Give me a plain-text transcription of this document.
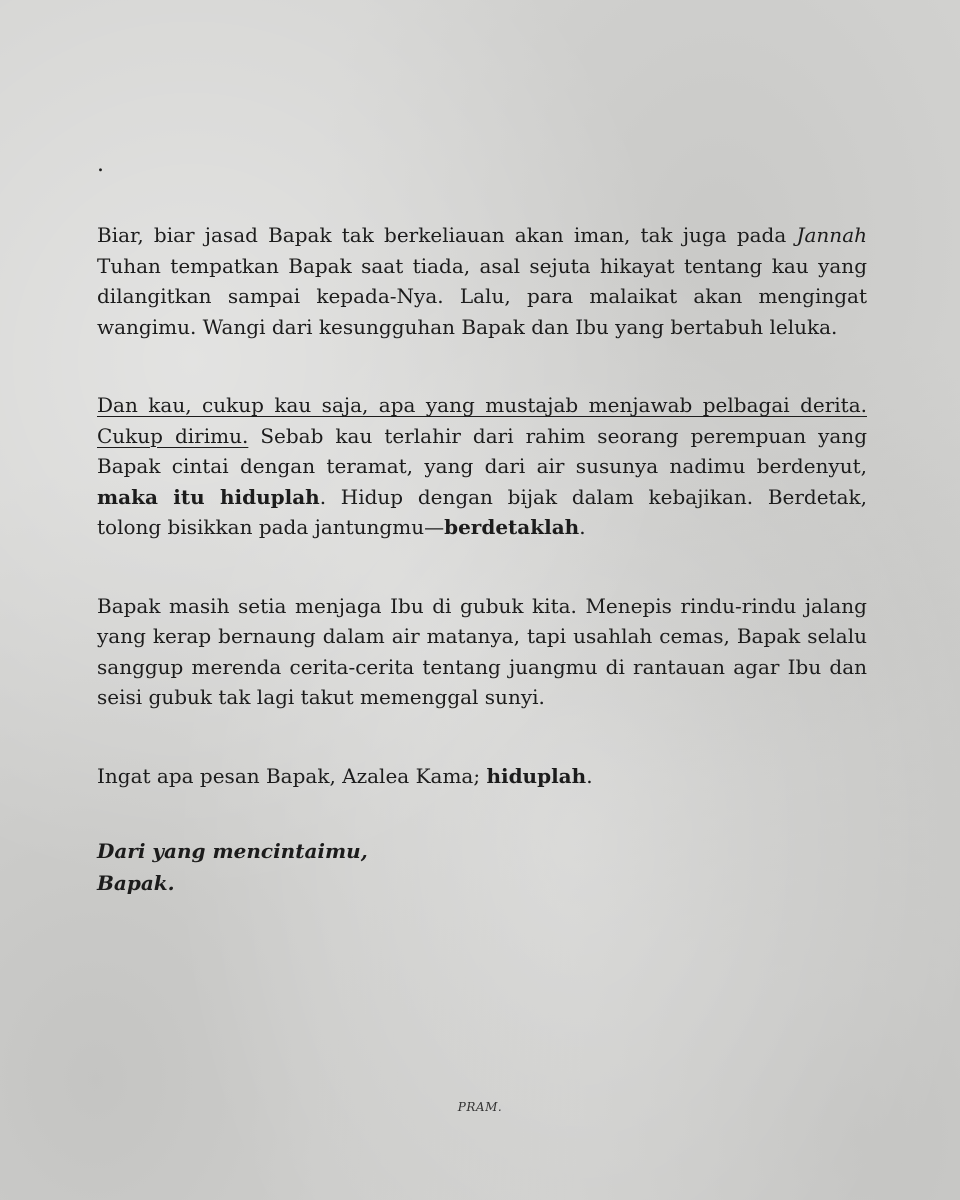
.

Biar, biar jasad Bapak tak berkeliauan akan iman, tak juga pada Jannah Tuhan tempatkan Bapak saat tiada, asal sejuta hikayat tentang kau yang dilangitkan sampai kepada-Nya. Lalu, para malaikat akan mengingat wangimu. Wangi dari kesungguhan Bapak dan Ibu yang bertabuh leluka.

Dan kau, cukup kau saja, apa yang mustajab menjawab pelbagai derita. Cukup dirimu. Sebab kau terlahir dari rahim seorang perempuan yang Bapak cintai dengan teramat, yang dari air susunya nadimu berdenyut, maka itu hiduplah. Hidup dengan bijak dalam kebajikan. Berdetak, tolong bisikkan pada jantungmu—berdetaklah.

Bapak masih setia menjaga Ibu di gubuk kita. Menepis rindu-rindu jalang yang kerap bernaung dalam air matanya, tapi usahlah cemas, Bapak selalu sanggup merenda cerita-cerita tentang juangmu di rantauan agar Ibu dan seisi gubuk tak lagi takut memenggal sunyi.

Ingat apa pesan Bapak, Azalea Kama; hiduplah.

Dari yang mencintaimu,
Bapak.
PRAM.
